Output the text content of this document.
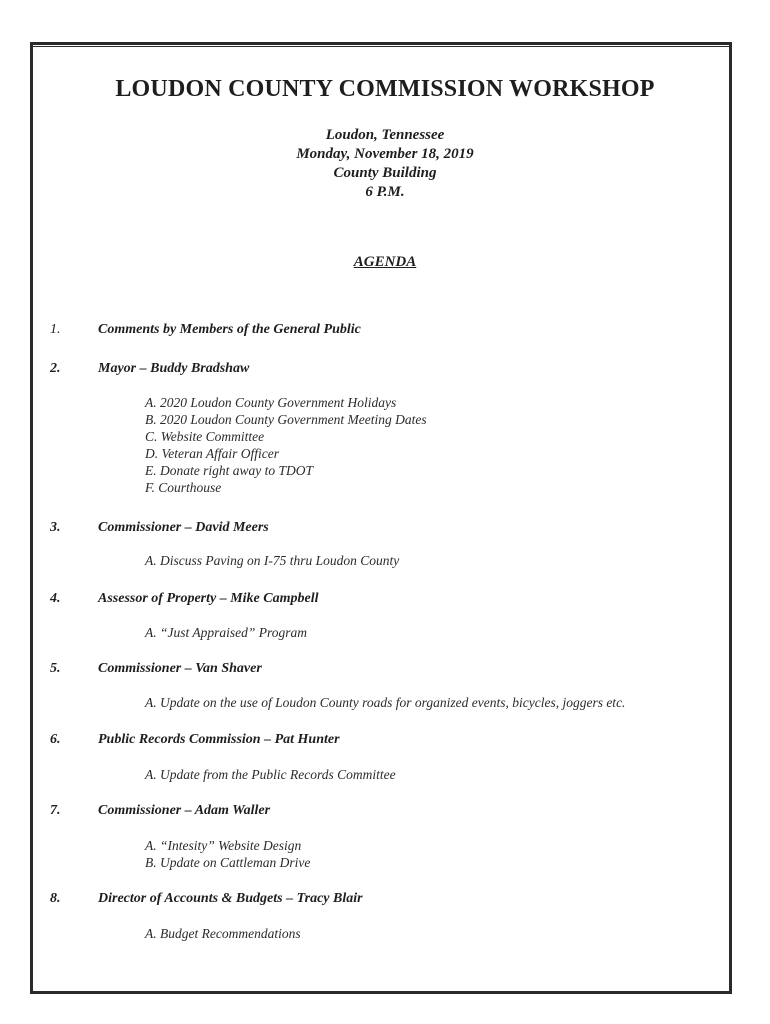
LOUDON COUNTY COMMISSION WORKSHOP
Loudon, Tennessee
Monday, November 18, 2019
County Building
6 P.M.
AGENDA
1.	Comments by Members of the General Public
2.	Mayor – Buddy Bradshaw
A. 2020 Loudon County Government Holidays
B. 2020 Loudon County Government Meeting Dates
C. Website Committee
D. Veteran Affair Officer
E. Donate right away to TDOT
F. Courthouse
3.	Commissioner – David Meers
A. Discuss Paving on I-75 thru Loudon County
4.	Assessor of Property – Mike Campbell
A. “Just Appraised” Program
5.	Commissioner – Van Shaver
A. Update on the use of Loudon County roads for organized events, bicycles, joggers etc.
6.	Public Records Commission – Pat Hunter
A. Update from the Public Records Committee
7.	Commissioner – Adam Waller
A. “Intesity” Website Design
B. Update on Cattleman Drive
8.	Director of Accounts & Budgets – Tracy Blair
A. Budget Recommendations
